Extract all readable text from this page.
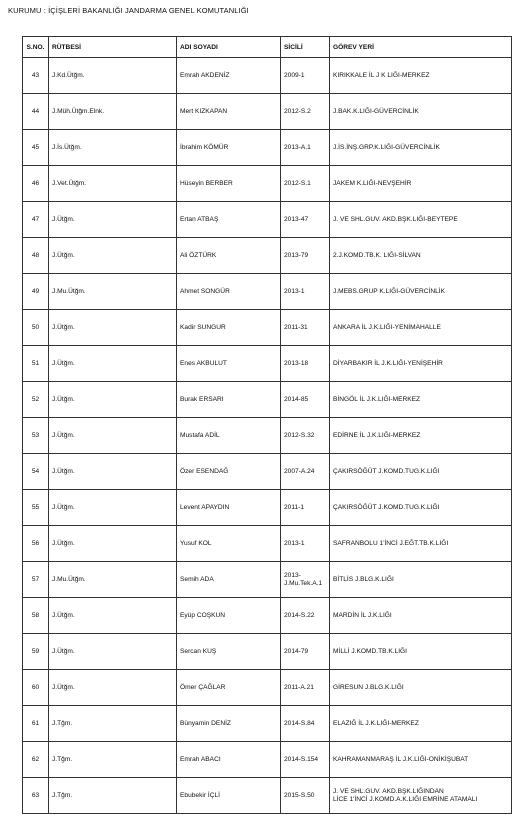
KURUMU : İÇİŞLERİ BAKANLIĞI JANDARMA GENEL KOMUTANLIĞI
S.NO.	RÜTBESİ	ADI SOYADI	SİCİLİ	GÖREV YERİ
43	J.Kd.Ütğm.	Emrah AKDENİZ	2009-1	KIRIKKALE İL J K LIĞI-MERKEZ

44	J.Müh.Ütğm.Elnk.	Mert KIZKAPAN	2012-S.2	J.BAK.K.LIĞI-GÜVERCİNLİK

45	J.İs.Ütğm.	İbrahim KÖMÜR	2013-A.1	J.İS.İNŞ.GRP.K.LIĞI-GÜVERCİNLİK

46	J.Vet.Ütğm.	Hüseyin BERBER	2012-S.1	JAKEM K.LIĞI-NEVŞEHİR

47	J.Ütğm.	Ertan ATBAŞ	2013-47	J. VE SHL.GUV. AKD.BŞK.LIĞI-BEYTEPE

48	J.Ütğm.	Ali ÖZTÜRK	2013-79	2.J.KOMD.TB.K. LIĞI-SİLVAN

49	J.Mu.Ütğm.	Ahmet SONGÜR	2013-1	J.MEBS.GRUP K.LIĞI-GÜVERCİNLİK

50	J.Ütğm.	Kadir SUNGUR	2011-31	ANKARA İL J.K.LIĞI-YENİMAHALLE

51	J.Ütğm.	Enes AKBULUT	2013-18	DİYARBAKIR İL J.K.LIĞI-YENİŞEHİR

52	J.Ütğm.	Burak ERSARI	2014-85	BİNGÖL İL J.K.LIĞI-MERKEZ

53	J.Ütğm.	Mustafa ADİL	2012-S.32	EDİRNE İL J.K.LIĞI-MERKEZ

54	J.Ütğm.	Özer ESENDAĞ	2007-A.24	ÇAKIRSÖĞÜT J.KOMD.TUG.K.LIĞI

55	J.Ütğm.	Levent APAYDIN	2011-1	ÇAKIRSÖĞÜT J.KOMD.TUG.K.LIĞI

56	J.Ütğm.	Yusuf KOL	2013-1	SAFRANBOLU 1'İNCİ J.EĞT.TB.K.LIĞI

57	J.Mu.Ütğm.	Semih ADA	2013-
J.Mu.Tek.A.1	BİTLİS J.BLG.K.LIĞI

58	J.Ütğm.	Eyüp COŞKUN	2014-S.22	MARDİN İL J.K.LIĞI

59	J.Ütğm.	Sercan KUŞ	2014-79	MİLLİ J.KOMD.TB.K.LIĞI

60	J.Ütğm.	Ömer ÇAĞLAR	2011-A.21	GİRESUN J.BLG.K.LIĞI

61	J.Tğm.	Bünyamin DENİZ	2014-S.84	ELAZIĞ İL J.K.LIĞI-MERKEZ

62	J.Tğm.	Emrah ABACI	2014-S.154	KAHRAMANMARAŞ İL J.K.LIĞI-ONİKİŞUBAT

63	J.Tğm.	Ebubekir İÇLİ	2015-S.50	J. VE SHL.GUV. AKD.BŞK.LIĞINDAN
LİCE 1'İNCİ J.KOMD.A.K.LIĞI EMRİNE ATAMALI
